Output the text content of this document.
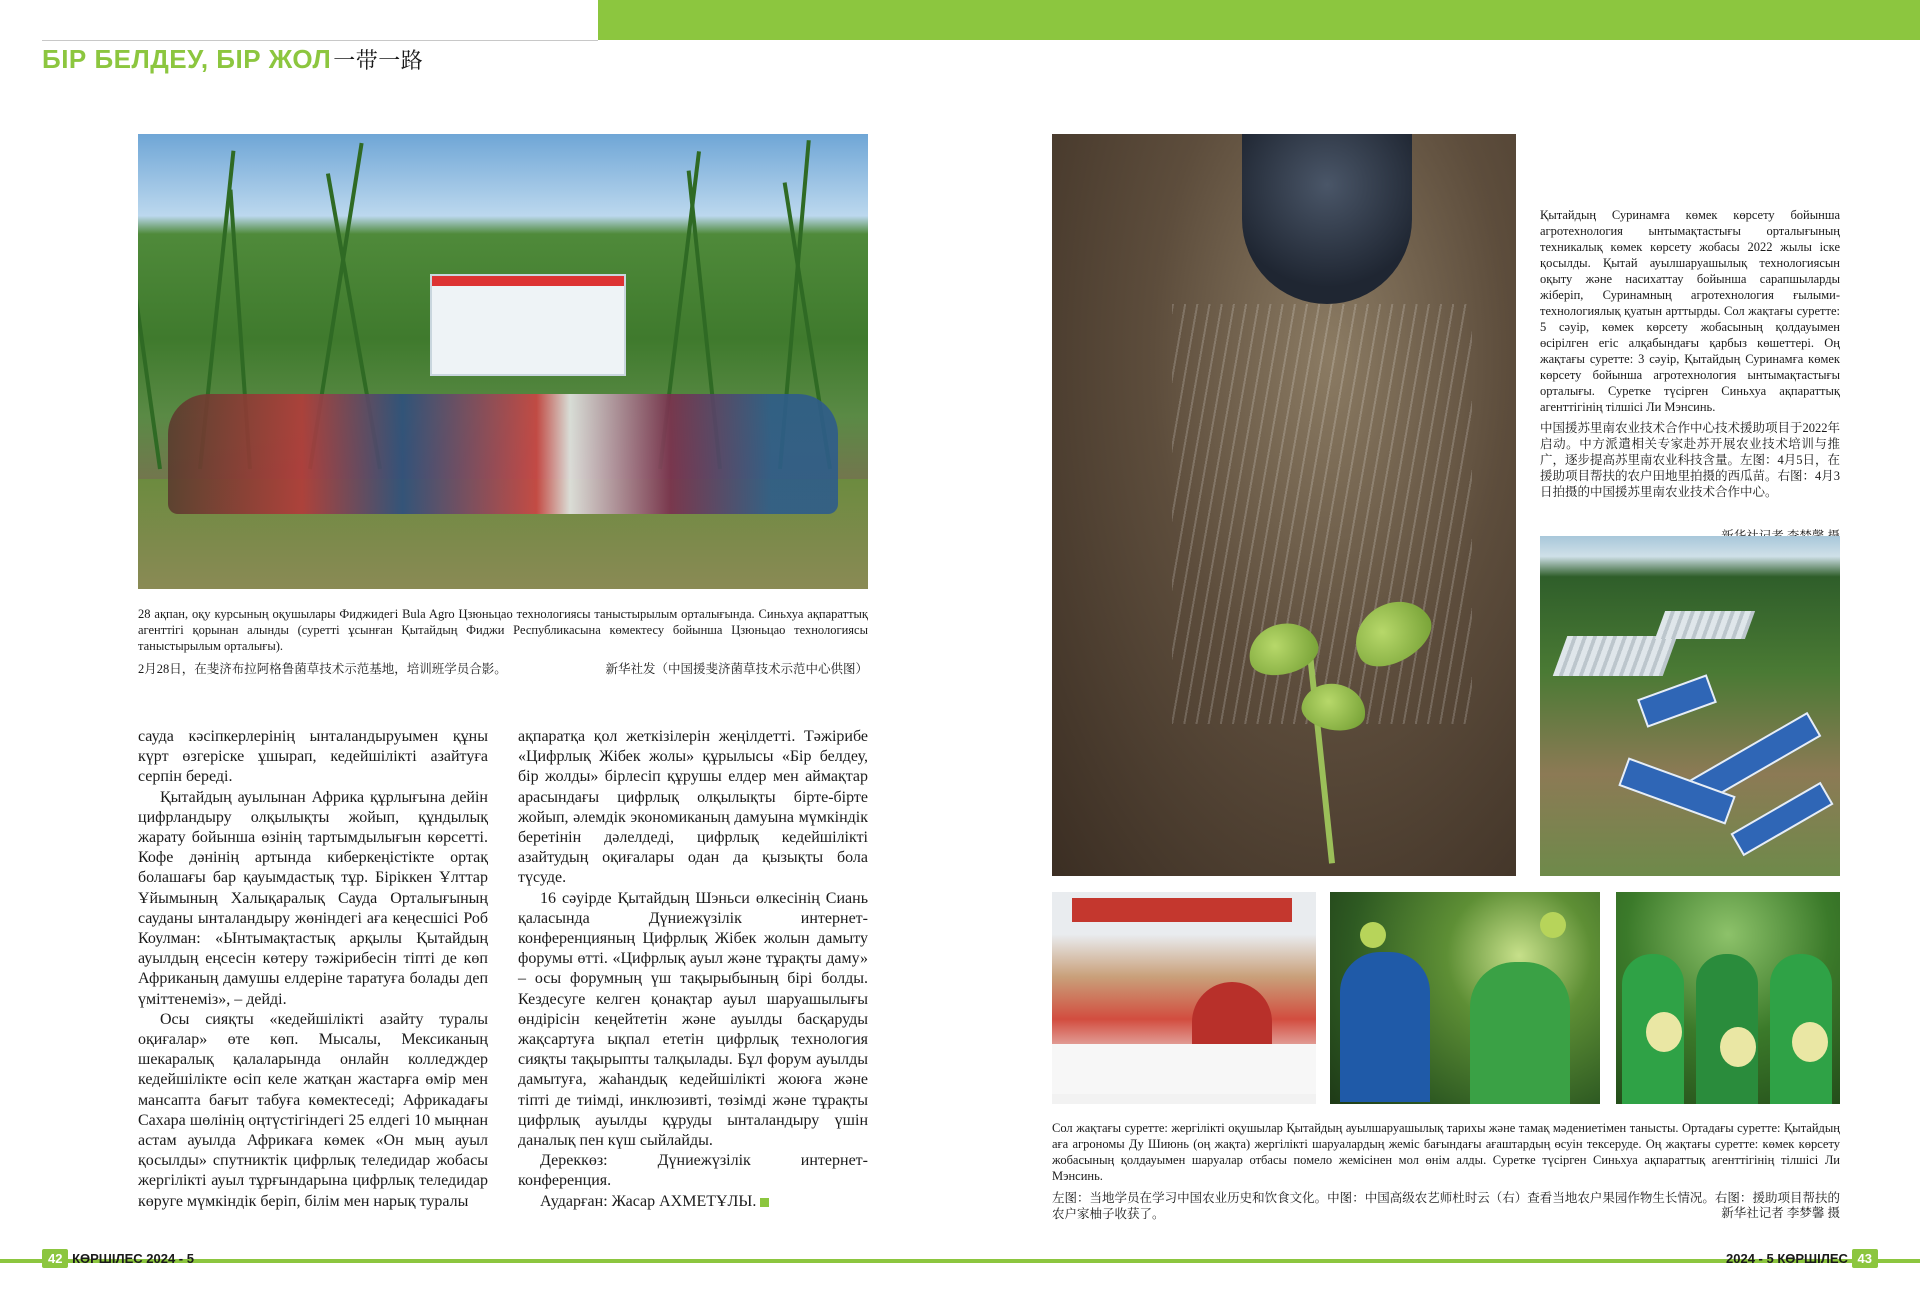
БІР БЕЛДЕУ, БІР ЖОЛ一带一路
28 ақпан, оқу курсының оқушылары Фиджидегі Bula Agro Цзюньцао технологиясы таныстырылым орталығында. Синьхуа ақпараттық агенттігі қорынан алынды (суретті ұсынған Қытайдың Фиджи Республикасына көмектесу бойынша Цзюньцао технологиясы таныстырылым орталығы).
2月28日，在斐济布拉阿格鲁菌草技术示范基地，培训班学员合影。	新华社发（中国援斐济菌草技术示范中心供图）

сауда кәсіпкерлерінің ынталандыруымен құны күрт өзгеріске ұшырап, кедейшілікті азайтуға серпін береді.

Қытайдың ауылынан Африка құрлығына дейін цифрландыру олқылықты жойып, құндылық жарату бойынша өзінің тартымдылығын көрсетті. Кофе дәнінің артында киберкеңістікте ортақ болашағы бар қауымдастық тұр. Біріккен Ұлттар Ұйымының Халықаралық Сауда Орталығының сауданы ынталандыру жөніндегі аға кеңесшісі Роб Коулман: «Ынтымақтастық арқылы Қытайдың ауылдың еңсесін көтеру тәжірибесін тіпті де көп Африканың дамушы елдеріне таратуға болады деп үміттенеміз», – дейді.

Осы сияқты «кедейшілікті азайту туралы оқиғалар» өте көп. Мысалы, Мексиканың шекаралық қалаларында онлайн колледждер кедейшілікте өсіп келе жатқан жастарға өмір мен мансапта бағыт табуға көмектеседі; Африкадағы Сахара шөлінің оңтүстігіндегі 25 елдегі 10 мыңнан астам ауылда Африкаға көмек «Он мың ауыл қосылды» спутниктік цифрлық теледидар жобасы жергілікті ауыл тұрғындарына цифрлық теледидар көруге мүмкіндік беріп, білім мен нарық туралы

ақпаратқа қол жеткізілерін жеңілдетті. Тәжірибе «Цифрлық Жібек жолы» құрылысы «Бір белдеу, бір жолды» бірлесіп құрушы елдер мен аймақтар арасындағы цифрлық олқылықты бірте-бірте жойып, әлемдік экономиканың дамуына мүмкіндік беретінін дәлелдеді, цифрлық кедейшілікті азайтудың оқиғалары одан да қызықты бола түсуде.

16 сәуірде Қытайдың Шэньси өлкесінің Сиань қаласында Дүниежүзілік интернет-конференцияның Цифрлық Жібек жолын дамыту форумы өтті. «Цифрлық ауыл және тұрақты даму» – осы форумның үш тақырыбының бірі болды. Кездесуге келген қонақтар ауыл шаруашылығы өндірісін кеңейтетін және ауылды басқаруды жақсартуға ықпал ететін цифрлық технология сияқты тақырыпты талқылады. Бұл форум ауылды дамытуға, жаһандық кедейшілікті жоюға және тіпті де тиімді, инклюзивті, төзімді және тұрақты цифрлық ауылды құруды ынталандыру үшін даналық пен күш сыйлайды.

Дереккөз: Дүниежүзілік интернет-конференция.

Аударған: Жасар АХМЕТҰЛЫ.

Қытайдың Суринамға көмек көрсету бойынша агротехнология ынтымақтастығы орталығының техникалық көмек көрсету жобасы 2022 жылы іске қосылды. Қытай ауылшаруашылық технологиясын оқыту және насихаттау бойынша сарапшыларды жіберіп, Суринамның агротехнология ғылыми-технологиялық қуатын арттырды. Сол жақтағы суретте: 5 сәуір, көмек көрсету жобасының қолдауымен өсірілген егіс алқабындағы қарбыз көшеттері. Оң жақтағы суретте: 3 сәуір, Қытайдың Суринамға көмек көрсету бойынша агротехнология ынтымақтастығы орталығы. Суретке түсірген Синьхуа ақпараттық агенттігінің тілшісі Ли Мэнсинь.
中国援苏里南农业技术合作中心技术援助项目于2022年启动。中方派遣相关专家赴苏开展农业技术培训与推广，逐步提高苏里南农业科技含量。左图：4月5日，在援助项目帮扶的农户田地里拍摄的西瓜苗。右图：4月3日拍摄的中国援苏里南农业技术合作中心。
Сол жақтағы суретте: жергілікті оқушылар Қытайдың ауылшаруашылық тарихы және тамақ мәдениетімен танысты. Ортадағы суретте: Қытайдың аға агрономы Ду Шиюнь (оң жақта) жергілікті шаруалардың жеміс бағындағы ағаштардың өсуін тексеруде. Оң жақтағы суретте: көмек көрсету жобасының қолдауымен шаруалар отбасы помело жемісінен мол өнім алды. Суретке түсірген Синьхуа ақпараттық агенттігінің тілшісі Ли Мэнсинь.
左图：当地学员在学习中国农业历史和饮食文化。中图：中国高级农艺师杜时云（右）查看当地农户果园作物生长情况。右图：援助项目帮扶的农户家柚子收获了。	新华社记者 李梦馨 摄
42 КӨРШІЛЕС 2024 - 5	2024 - 5 КӨРШІЛЕС 43
